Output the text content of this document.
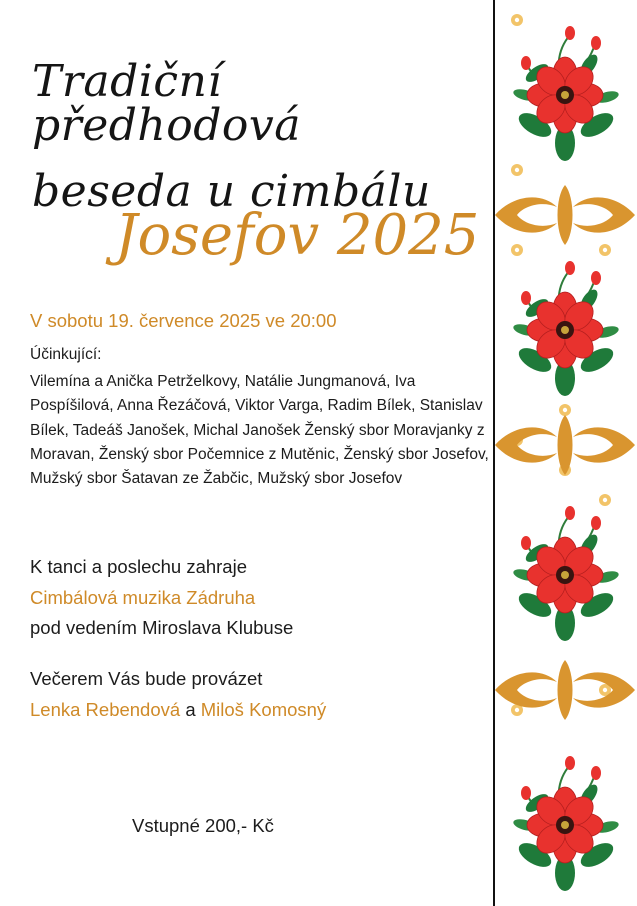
Tradiční předhodová
beseda u cimbálu
Josefov 2025
V sobotu 19. července 2025 ve 20:00
Účinkující:
Vilemína a Anička Petrželkovy, Natálie Jungmanová, Iva Pospíšilová, Anna Řezáčová, Viktor Varga, Radim Bílek, Stanislav Bílek, Tadeáš Janošek, Michal Janošek Ženský sbor Moravjanky z Moravan, Ženský sbor Počemnice z Mutěnic, Ženský sbor Josefov, Mužský sbor Šatavan ze Žabčic, Mužský sbor Josefov
K tanci a poslechu zahraje
Cimbálová muzika Zádruha
pod vedením Miroslava Klubuse
Večerem Vás bude provázet
Lenka Rebendová a Miloš Komosný
Vstupné 200,- Kč
